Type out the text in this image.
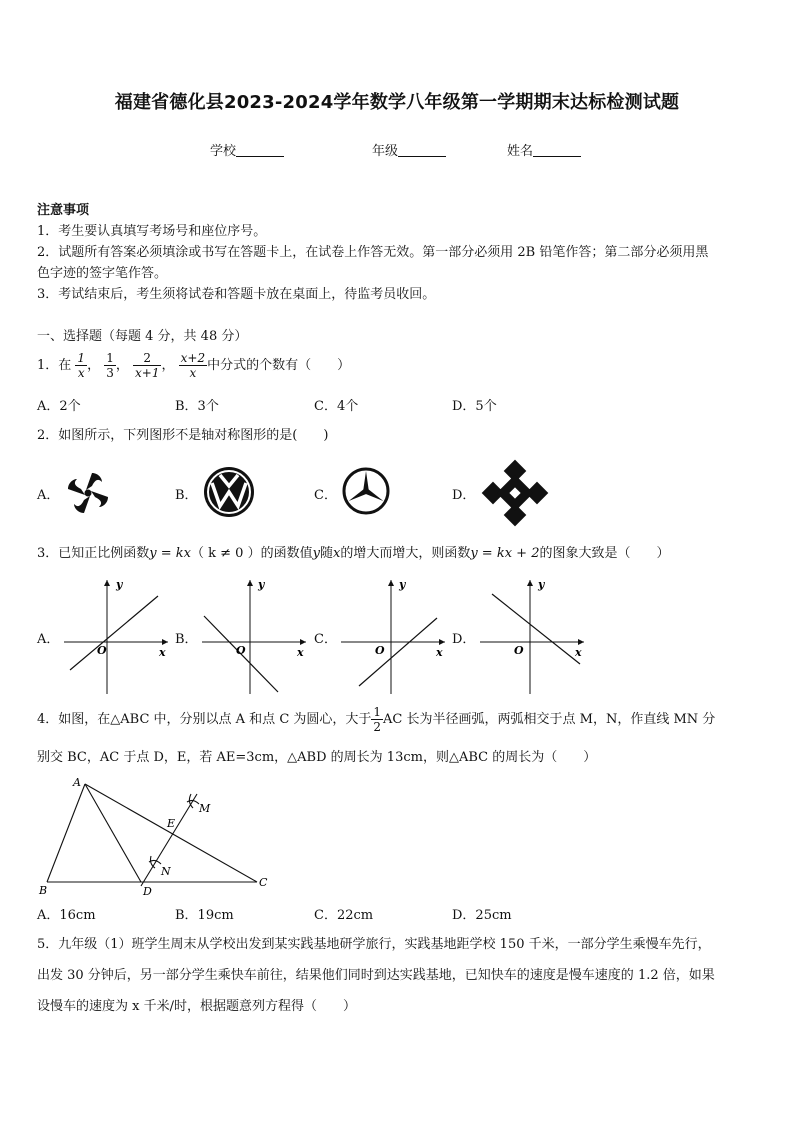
福建省德化县2023-2024学年数学八年级第一学期期末达标检测试题
学校	年级	姓名
注意事项
1．考生要认真填写考场号和座位序号。
2．试题所有答案必须填涂或书写在答题卡上，在试卷上作答无效。第一部分必须用 2B 铅笔作答；第二部分必须用黑
色字迹的签字笔作答。
3．考试结束后，考生须将试卷和答题卡放在桌面上，待监考员收回。
一、选择题（每题 4 分，共 48 分）
1．在 $\frac{1}{x}$ ， $\frac{1}{3}$ ， $\frac{2}{x+1}$ ， $\frac{x+2}{x}$ 中分式的个数有（　　）
A．2个	B．3个	C．4个	D．5个
2．如图所示，下列图形不是轴对称图形的是(　　)
A．	B．	C．	D．
3．已知正比例函数y = kx（ k ≠ 0 ）的函数值y随x的增大而增大，则函数y = kx + 2的图象大致是（　　）
A．	B．	C．	D．
O	x
y
O	x
y
O	x
y
O	x
y
4．如图，在△ABC 中，分别以点 A 和点 C 为圆心，大于 $\frac{1}{2}$ AC 长为半径画弧，两弧相交于点 M，N，作直线 MN 分
别交 BC，AC 于点 D，E，若 AE=3cm，△ABD 的周长为 13cm，则△ABC 的周长为（　　）
A
B
C
D
E
M
N
A．16cm	B．19cm	C．22cm	D．25cm
5．九年级（1）班学生周末从学校出发到某实践基地研学旅行，实践基地距学校 150 千米，一部分学生乘慢车先行，
出发 30 分钟后，另一部分学生乘快车前往，结果他们同时到达实践基地，已知快车的速度是慢车速度的 1.2 倍，如果
设慢车的速度为 x 千米/时，根据题意列方程得（　　）
